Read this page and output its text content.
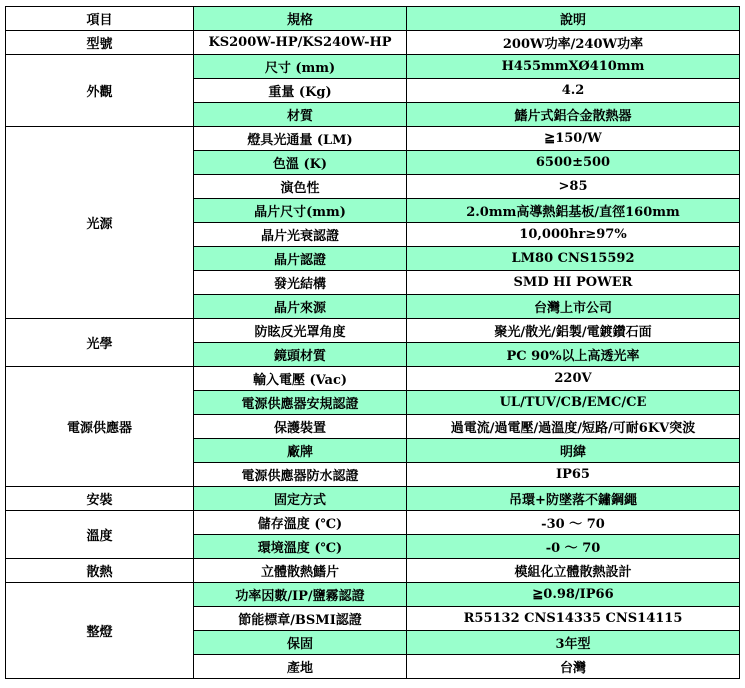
項目	規格	說明
型號	KS200W-HP/KS240W-HP	200W功率/240W功率
外觀	尺寸 (mm)	H455mmXØ410mm
	重量 (Kg)	4.2
	材質	鰭片式鋁合金散熱器
光源	燈具光通量 (LM)	≧150/W
	色溫 (K)	6500±500
	演色性	>85
	晶片尺寸(mm)	2.0mm高導熱鋁基板/直徑160mm
	晶片光衰認證	10,000hr≥97%
	晶片認證	LM80 CNS15592
	發光結構	SMD HI POWER
	晶片來源	台灣上市公司
光學	防眩反光罩角度	聚光/散光/鋁製/電鍍鑽石面
	鏡頭材質	PC 90%以上高透光率
電源供應器	輸入電壓 (Vac)	220V
	電源供應器安規認證	UL/TUV/CB/EMC/CE
	保護裝置	過電流/過電壓/過溫度/短路/可耐6KV突波
	廠牌	明緯
	電源供應器防水認證	IP65
安裝	固定方式	吊環+防墜落不鏽鋼繩
溫度	儲存溫度 (℃)	-30 ～ 70
	環境溫度 (℃)	-0 ～ 70
散熱	立體散熱鰭片	模組化立體散熱設計
整燈	功率因數/IP/鹽霧認證	≧0.98/IP66
	節能標章/BSMI認證	R55132 CNS14335 CNS14115
	保固	3年型
	產地	台灣
